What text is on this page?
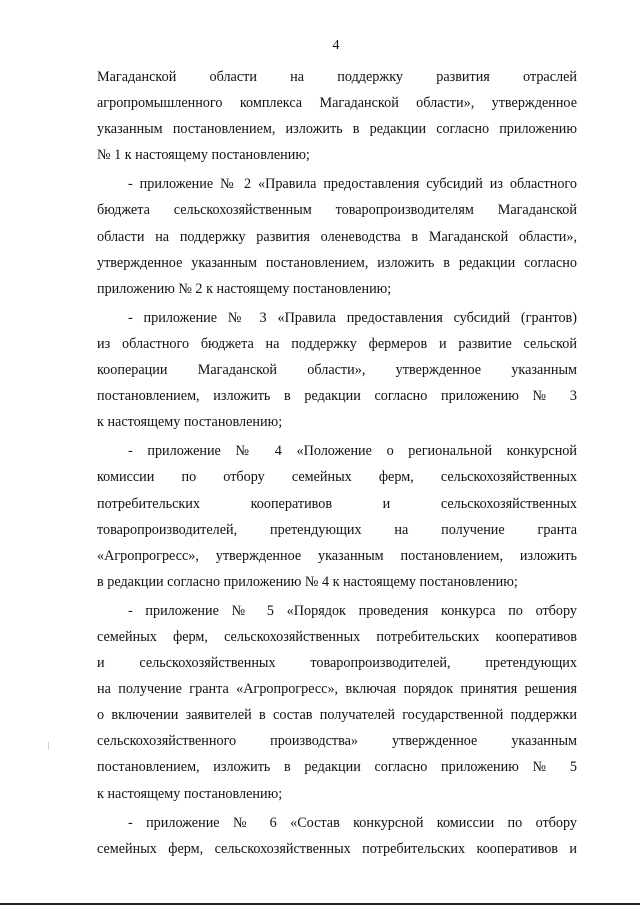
4
Магаданской области на поддержку развития отраслей
агропромышленного комплекса Магаданской области», утвержденное
указанным постановлением, изложить в редакции согласно приложению
№ 1 к настоящему постановлению;
- приложение № 2 «Правила предоставления субсидий из областного
бюджета сельскохозяйственным товаропроизводителям Магаданской
области на поддержку развития оленеводства в Магаданской области»,
утвержденное указанным постановлением, изложить в редакции согласно
приложению № 2 к настоящему постановлению;
- приложение № 3 «Правила предоставления субсидий (грантов)
из областного бюджета на поддержку фермеров и развитие сельской
кооперации Магаданской области», утвержденное указанным
постановлением, изложить в редакции согласно приложению № 3
к настоящему постановлению;
- приложение № 4 «Положение о региональной конкурсной
комиссии по отбору семейных ферм, сельскохозяйственных
потребительских кооперативов и сельскохозяйственных
товаропроизводителей, претендующих на получение гранта
«Агропрогресс», утвержденное указанным постановлением, изложить
в редакции согласно приложению № 4 к настоящему постановлению;
- приложение № 5 «Порядок проведения конкурса по отбору
семейных ферм, сельскохозяйственных потребительских кооперативов
и сельскохозяйственных товаропроизводителей, претендующих
на получение гранта «Агропрогресс», включая порядок принятия решения
о включении заявителей в состав получателей государственной поддержки
сельскохозяйственного производства» утвержденное указанным
постановлением, изложить в редакции согласно приложению № 5
к настоящему постановлению;
- приложение № 6 «Состав конкурсной комиссии по отбору
семейных ферм, сельскохозяйственных потребительских кооперативов и
